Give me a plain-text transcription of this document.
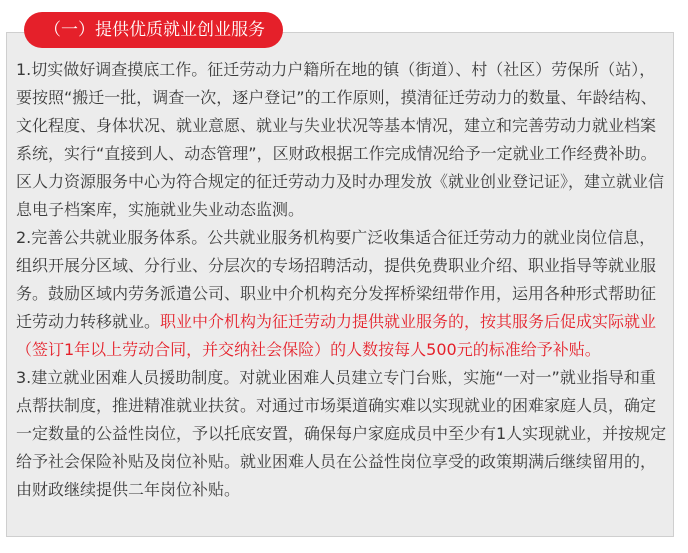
（一）提供优质就业创业服务

1.切实做好调查摸底工作。征迁劳动力户籍所在地的镇（街道）、村（社区）劳保所（站），要按照“搬迁一批，调查一次，逐户登记”的工作原则，摸清征迁劳动力的数量、年龄结构、文化程度、身体状况、就业意愿、就业与失业状况等基本情况，建立和完善劳动力就业档案系统，实行“直接到人、动态管理”，区财政根据工作完成情况给予一定就业工作经费补助。区人力资源服务中心为符合规定的征迁劳动力及时办理发放《就业创业登记证》，建立就业信息电子档案库，实施就业失业动态监测。

2.完善公共就业服务体系。公共就业服务机构要广泛收集适合征迁劳动力的就业岗位信息，组织开展分区域、分行业、分层次的专场招聘活动，提供免费职业介绍、职业指导等就业服务。鼓励区域内劳务派遣公司、职业中介机构充分发挥桥梁纽带作用，运用各种形式帮助征迁劳动力转移就业。职业中介机构为征迁劳动力提供就业服务的，按其服务后促成实际就业（签订1年以上劳动合同，并交纳社会保险）的人数按每人500元的标准给予补贴。

3.建立就业困难人员援助制度。对就业困难人员建立专门台账，实施“一对一”就业指导和重点帮扶制度，推进精准就业扶贫。对通过市场渠道确实难以实现就业的困难家庭人员，确定一定数量的公益性岗位，予以托底安置，确保每户家庭成员中至少有1人实现就业，并按规定给予社会保险补贴及岗位补贴。就业困难人员在公益性岗位享受的政策期满后继续留用的，由财政继续提供二年岗位补贴。
